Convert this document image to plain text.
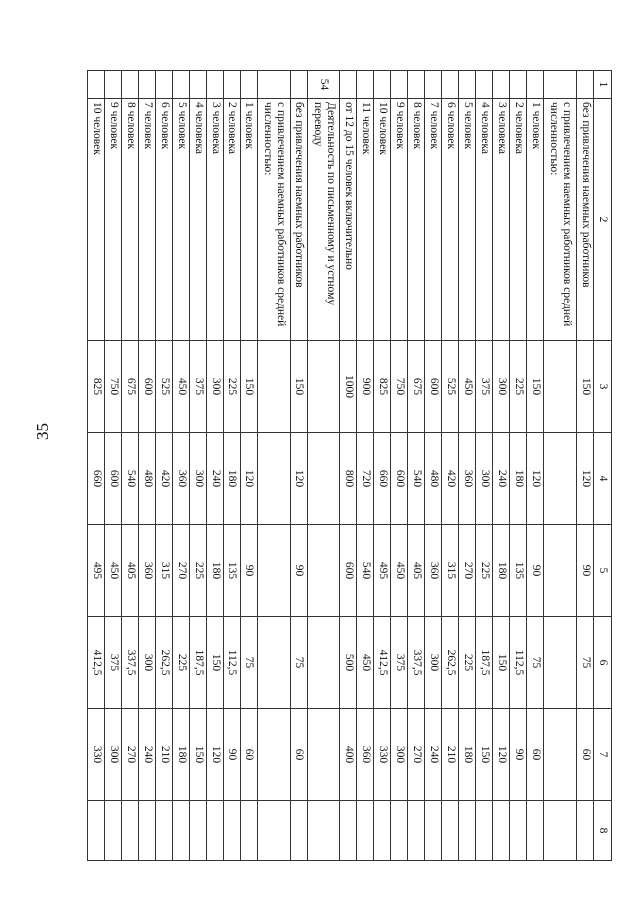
35
1	2	3	4	5	6	7	8
	без привлечения наемных работников	150	120	90	75	60	
	с привлечением наемных работников средней численностью:						
	1 человек	150	120	90	75	60	
	2 человека	225	180	135	112,5	90	
	3 человека	300	240	180	150	120	
	4 человека	375	300	225	187,5	150	
	5 человек	450	360	270	225	180	
	6 человек	525	420	315	262,5	210	
	7 человек	600	480	360	300	240	
	8 человек	675	540	405	337,5	270	
	9 человек	750	600	450	375	300	
	10 человек	825	660	495	412,5	330	
	11 человек	900	720	540	450	360	
	от 12 до 15 человек включительно	1000	800	600	500	400	
54	Деятельность по письменному и устному переводу						
	без привлечения наемных работников	150	120	90	75	60	
	с привлечением наемных работников средней численностью:						
	1 человек	150	120	90	75	60	
	2 человека	225	180	135	112,5	90	
	3 человека	300	240	180	150	120	
	4 человека	375	300	225	187,5	150	
	5 человек	450	360	270	225	180	
	6 человек	525	420	315	262,5	210	
	7 человек	600	480	360	300	240	
	8 человек	675	540	405	337,5	270	
	9 человек	750	600	450	375	300	
	10 человек	825	660	495	412,5	330	
